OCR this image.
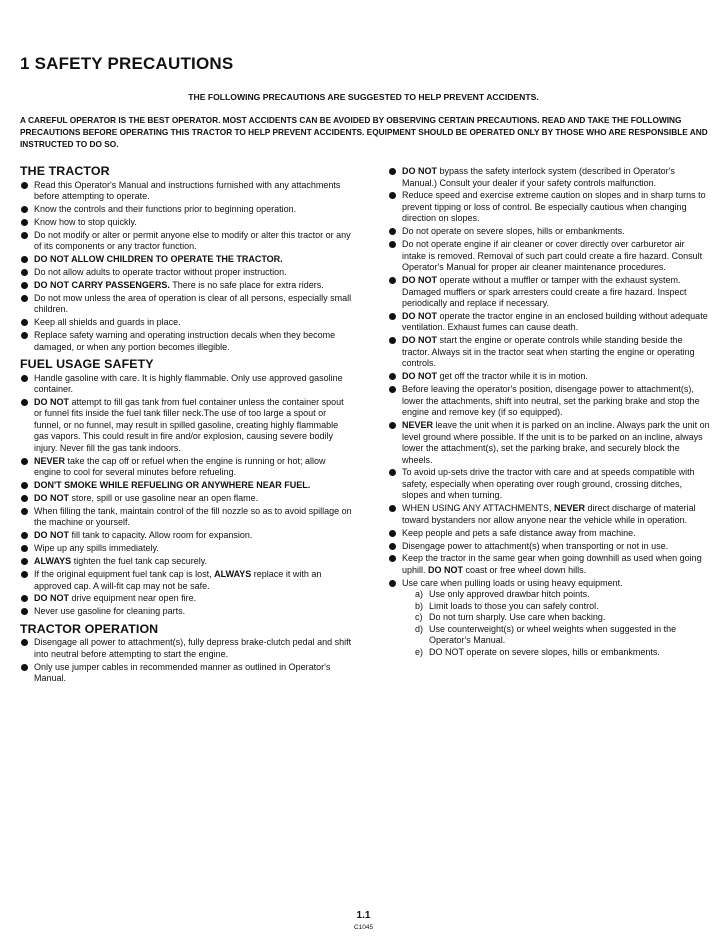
1 SAFETY PRECAUTIONS
THE FOLLOWING PRECAUTIONS ARE SUGGESTED TO HELP PREVENT ACCIDENTS.
A CAREFUL OPERATOR IS THE BEST OPERATOR. MOST ACCIDENTS CAN BE AVOIDED BY OBSERVING CERTAIN PRECAUTIONS. READ AND TAKE THE FOLLOWING PRECAUTIONS BEFORE OPERATING THIS TRACTOR TO HELP PREVENT ACCIDENTS. EQUIPMENT SHOULD BE OPERATED ONLY BY THOSE WHO ARE RESPONSIBLE AND INSTRUCTED TO DO SO.
THE TRACTOR
Read this Operator's Manual and instructions furnished with any attachments before attempting to operate.
Know the controls and their functions prior to beginning operation.
Know how to stop quickly.
Do not modify or alter or permit anyone else to modify or alter this tractor or any of its components or any tractor function.
DO NOT ALLOW CHILDREN TO OPERATE THE TRACTOR.
Do not allow adults to operate tractor without proper instruction.
DO NOT CARRY PASSENGERS. There is no safe place for extra riders.
Do not mow unless the area of operation is clear of all persons, especially small children.
Keep all shields and guards in place.
Replace safety warning and operating instruction decals when they become damaged, or when any portion becomes illegible.
FUEL USAGE SAFETY
Handle gasoline with care. It is highly flammable. Only use approved gasoline container.
DO NOT attempt to fill gas tank from fuel container unless the container spout or funnel fits inside the fuel tank filler neck.The use of too large a spout or funnel, or no funnel, may result in spilled gasoline, creating highly flammable gas vapors. This could result in fire and/or explosion, causing severe bodily injury. Never fill the gas tank indoors.
NEVER take the cap off or refuel when the engine is running or hot; allow engine to cool for several minutes before refueling.
DON'T SMOKE WHILE REFUELING OR ANYWHERE NEAR FUEL.
DO NOT store, spill or use gasoline near an open flame.
When filling the tank, maintain control of the fill nozzle so as to avoid spillage on the machine or yourself.
DO NOT fill tank to capacity. Allow room for expansion.
Wipe up any spills immediately.
ALWAYS tighten the fuel tank cap securely.
If the original equipment fuel tank cap is lost, ALWAYS replace it with an approved cap. A will-fit cap may not be safe.
DO NOT drive equipment near open fire.
Never use gasoline for cleaning parts.
TRACTOR OPERATION
Disengage all power to attachment(s), fully depress brake-clutch pedal and shift into neutral before attempting to start the engine.
Only use jumper cables in recommended manner as outlined in Operator's Manual.
DO NOT bypass the safety interlock system (described in Operator's Manual.) Consult your dealer if your safety controls malfunction.
Reduce speed and exercise extreme caution on slopes and in sharp turns to prevent tipping or loss of control. Be especially cautious when changing direction on slopes.
Do not operate on severe slopes, hills or embankments.
Do not operate engine if air cleaner or cover directly over carburetor air intake is removed. Removal of such part could create a fire hazard. Consult Operator's Manual for proper air cleaner maintenance procedures.
DO NOT operate without a muffler or tamper with the exhaust system. Damaged mufflers or spark arresters could create a fire hazard. Inspect periodically and replace if necessary.
DO NOT operate the tractor engine in an enclosed building without adequate ventilation. Exhaust fumes can cause death.
DO NOT start the engine or operate controls while standing beside the tractor. Always sit in the tractor seat when starting the engine or operating controls.
DO NOT get off the tractor while it is in motion.
Before leaving the operator's position, disengage power to attachment(s), lower the attachments, shift into neutral, set the parking brake and stop the engine and remove key (if so equipped).
NEVER leave the unit when it is parked on an incline. Always park the unit on level ground where possible. If the unit is to be parked on an incline, always lower the attachment(s), set the parking brake, and securely block the wheels.
To avoid up-sets drive the tractor with care and at speeds compatible with safety, especially when operating over rough ground, crossing ditches, slopes and when turning.
WHEN USING ANY ATTACHMENTS, NEVER direct discharge of material toward bystanders nor allow anyone near the vehicle while in operation.
Keep people and pets a safe distance away from machine.
Disengage power to attachment(s) when transporting or not in use.
Keep the tractor in the same gear when going downhill as used when going uphill. DO NOT coast or free wheel down hills.
Use care when pulling loads or using heavy equipment.
a) Use only approved drawbar hitch points.
b) Limit loads to those you can safely control.
c) Do not turn sharply. Use care when backing.
d) Use counterweight(s) or wheel weights when suggested in the Operator's Manual.
e) DO NOT operate on severe slopes, hills or embankments.
1.1
C1045
